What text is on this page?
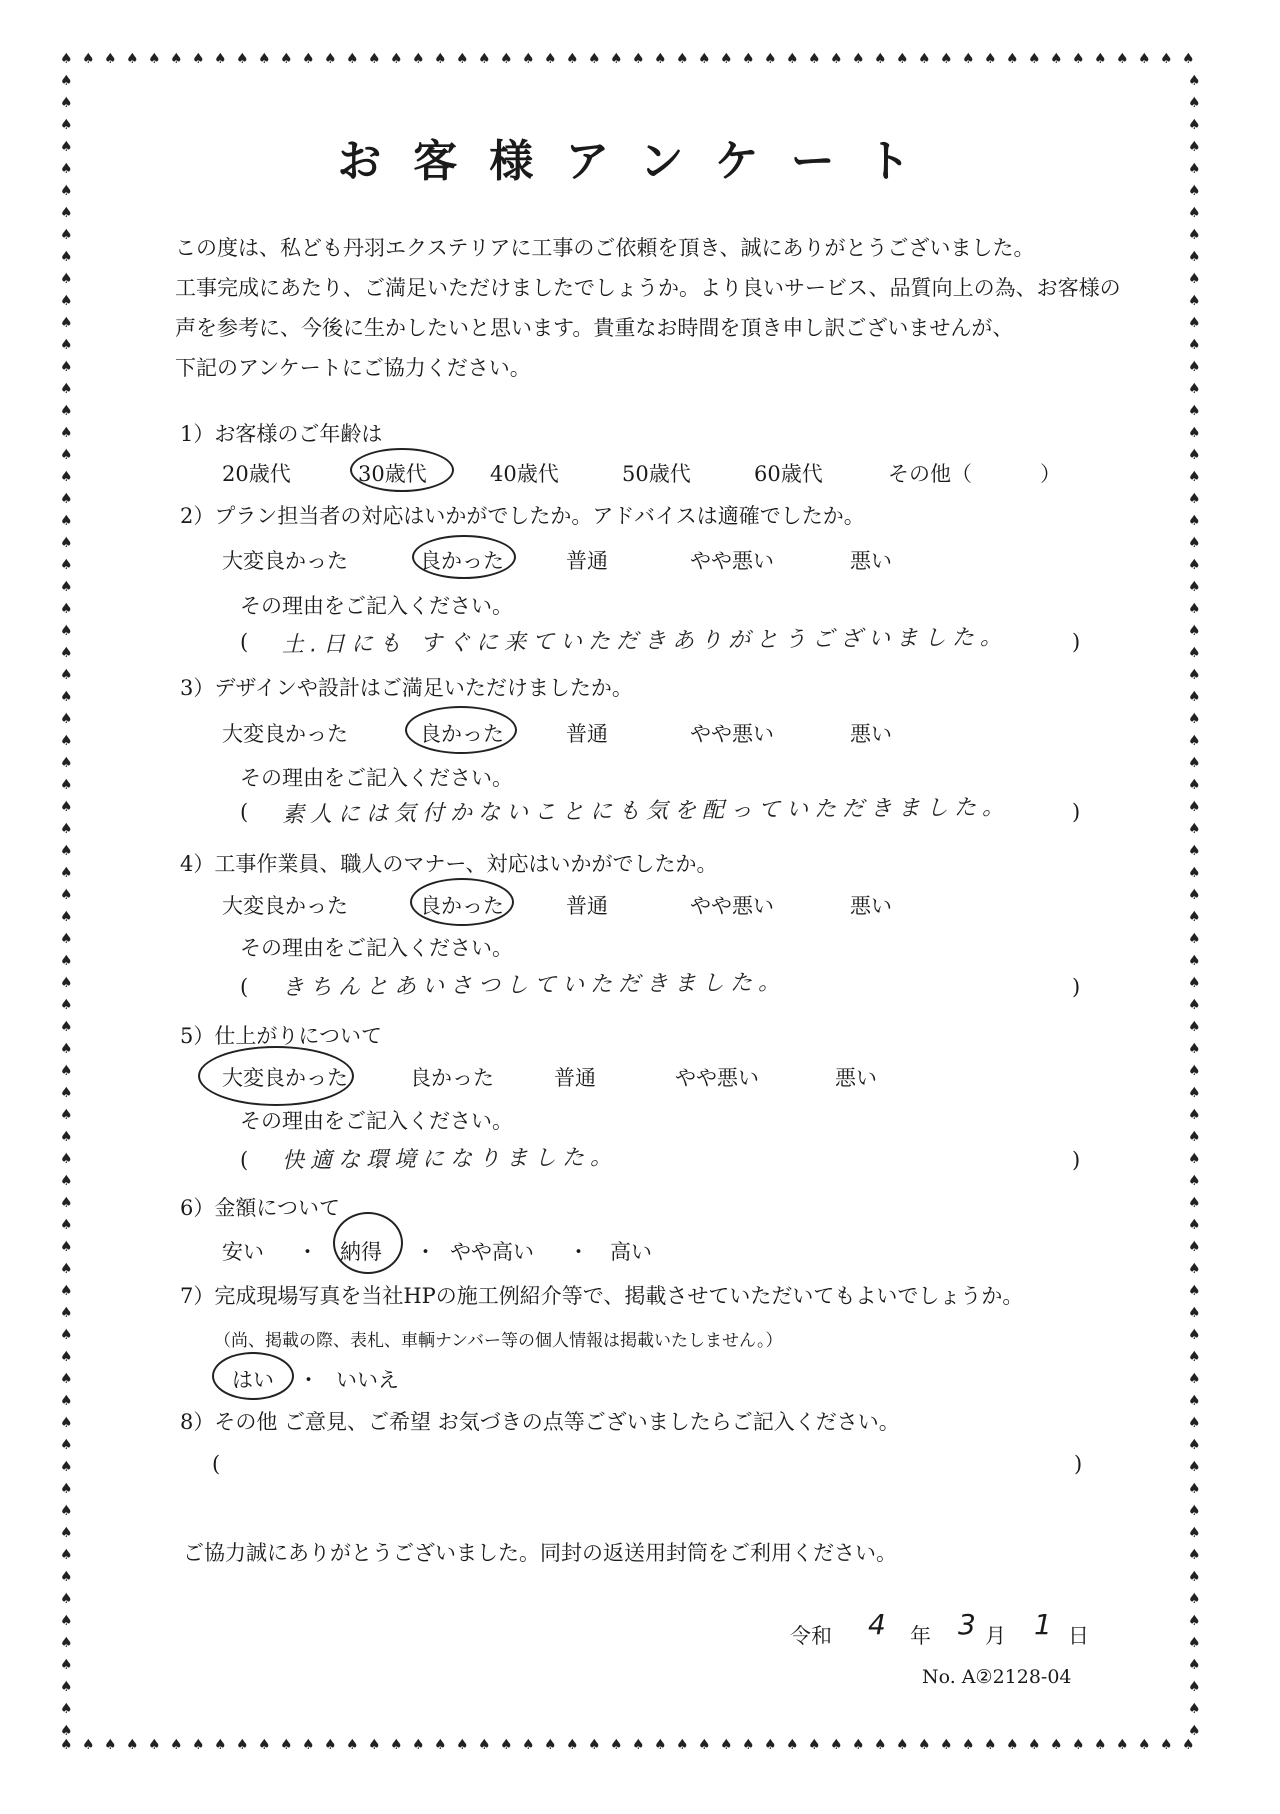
♠
♠
♠
♠
♠
♠
♠
♠
♠
♠
♠
♠
♠
♠
♠
♠
♠
♠
♠
♠
♠
♠
♠
♠
♠
♠
♠
♠
♠
♠
♠
♠
♠
♠
♠
♠
♠
♠
♠
♠
♠
♠
♠
♠
♠
♠
♠
♠
♠
♠
♠
♠
♠
♠
♠
♠
♠
♠
♠
♠
♠
♠
♠
♠
♠
♠
♠
♠
♠
♠
♠
♠
♠
♠
♠
♠
♠
♠
♠
♠
♠
♠
♠
♠
♠
♠
♠
♠
♠
♠
♠
♠
♠
♠
♠
♠
♠
♠
♠
♠
♠
♠
♠
♠
♠	♠
♠	♠
♠	♠
♠	♠
♠	♠
♠	♠
♠	♠
♠	♠
♠	♠
♠	♠
♠	♠
♠	♠
♠	♠
♠	♠
♠	♠
♠	♠
♠	♠
♠	♠
♠	♠
♠	♠
♠	♠
♠	♠
♠	♠
♠	♠
♠	♠
♠	♠
♠	♠
♠	♠
♠	♠
♠	♠
♠	♠
♠	♠
♠	♠
♠	♠
♠	♠
♠	♠
♠	♠
♠	♠
♠	♠
♠	♠
♠	♠
♠	♠
♠	♠
♠	♠
♠	♠
♠	♠
♠	♠
♠	♠
♠	♠
♠	♠
♠	♠
♠	♠
♠	♠
♠	♠
♠	♠
♠	♠
♠	♠
♠	♠
♠	♠
♠	♠
♠	♠
♠	♠
♠	♠
♠	♠
♠	♠
♠	♠
♠	♠
♠	♠
♠	♠
♠	♠
♠	♠
♠	♠
♠	♠
♠	♠
♠	♠
♠	♠
お客様アンケート
この度は、私ども丹羽エクステリアに工事のご依頼を頂き、誠にありがとうございました。
工事完成にあたり、ご満足いただけましたでしょうか。より良いサービス、品質向上の為、お客様の
声を参考に、今後に生かしたいと思います。貴重なお時間を頂き申し訳ございませんが、
下記のアンケートにご協力ください。
1）お客様のご年齢は
20歳代	30歳代	40歳代	50歳代	60歳代	その他（	）
2）プラン担当者の対応はいかがでしたか。アドバイスは適確でしたか。
大変良かった	良かった	普通	やや悪い	悪い
その理由をご記入ください。
( 土.日にも すぐに来ていただきありがとうございました。	)
3）デザインや設計はご満足いただけましたか。
大変良かった	良かった	普通	やや悪い	悪い
その理由をご記入ください。
( 素人には気付かないことにも気を配っていただきました。	)
4）工事作業員、職人のマナー、対応はいかがでしたか。
大変良かった	良かった	普通	やや悪い	悪い
その理由をご記入ください。
( きちんとあいさつしていただきました。	)
5）仕上がりについて
大変良かった	良かった	普通	やや悪い	悪い
その理由をご記入ください。
( 快適な環境になりました。	)
6）金額について
安い ・ 納得 ・ やや高い ・ 高い
7）完成現場写真を当社HPの施工例紹介等で、掲載させていただいてもよいでしょうか。
（尚、掲載の際、表札、車輌ナンバー等の個人情報は掲載いたしません。）
はい ・ いいえ
8）その他 ご意見、ご希望 お気づきの点等ございましたらご記入ください。
(	)
ご協力誠にありがとうございました。同封の返送用封筒をご利用ください。
令和 4 年 3 月 1 日
No. A②2128-04
